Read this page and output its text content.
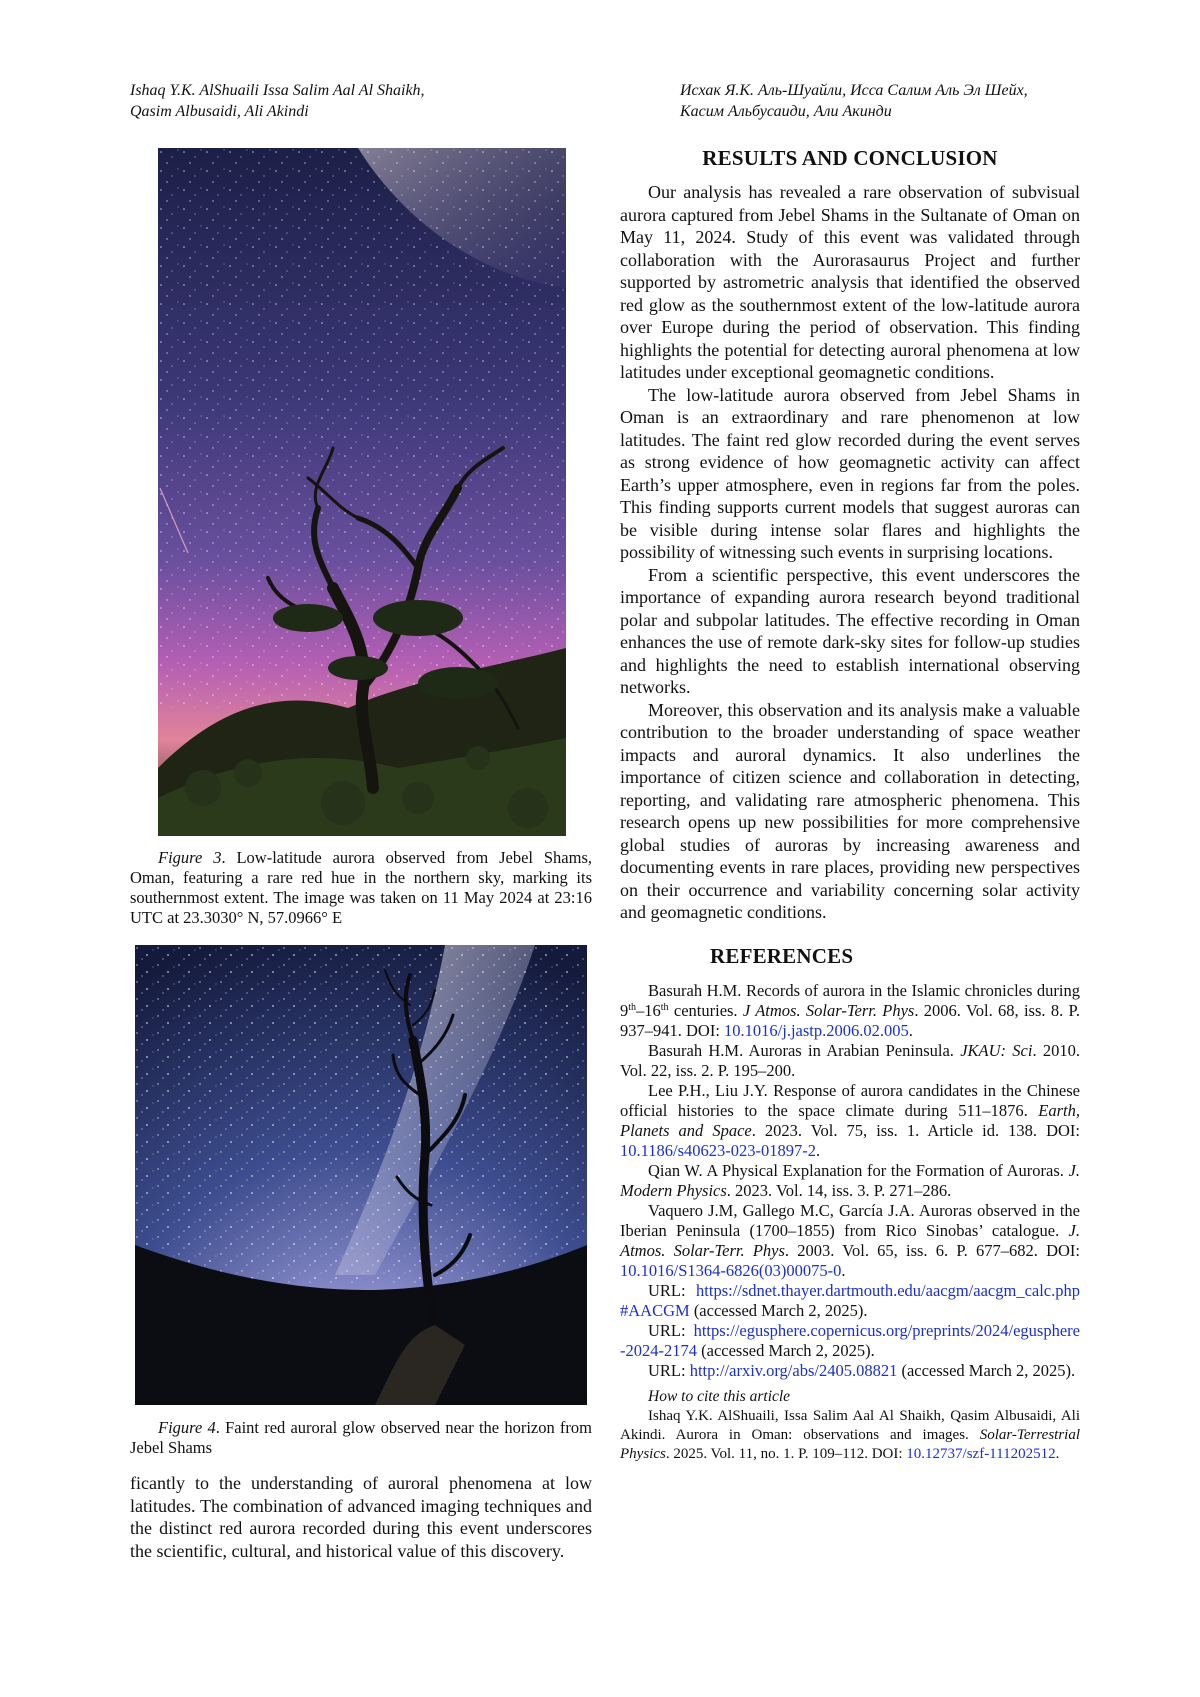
Ishaq Y.K. AlShuaili Issa Salim Aal Al Shaikh,
Qasim Albusaidi, Ali Akindi

Исхак Я.К. Аль-Шуайли, Исса Салим Аль Эл Шейх,
Касим Альбусаиди, Али Акинди

Figure 3. Low-latitude aurora observed from Jebel Shams, Oman, featuring a rare red hue in the northern sky, marking its southernmost extent. The image was taken on 11 May 2024 at 23:16 UTC at 23.3030° N, 57.0966° E

Figure 4. Faint red auroral glow observed near the horizon from Jebel Shams

ficantly to the understanding of auroral phenomena at low latitudes. The combination of advanced imaging techniques and the distinct red aurora recorded during this event underscores the scientific, cultural, and historical value of this discovery.

RESULTS AND CONCLUSION

Our analysis has revealed a rare observation of subvisual aurora captured from Jebel Shams in the Sultanate of Oman on May 11, 2024. Study of this event was validated through collaboration with the Aurorasaurus Project and further supported by astrometric analysis that identified the observed red glow as the southernmost extent of the low-latitude aurora over Europe during the period of observation. This finding highlights the potential for detecting auroral phenomena at low latitudes under exceptional geomagnetic conditions.

The low-latitude aurora observed from Jebel Shams in Oman is an extraordinary and rare phenomenon at low latitudes. The faint red glow recorded during the event serves as strong evidence of how geomagnetic activity can affect Earth’s upper atmosphere, even in regions far from the poles. This finding supports current models that suggest auroras can be visible during intense solar flares and highlights the possibility of witnessing such events in surprising locations.

From a scientific perspective, this event underscores the importance of expanding aurora research beyond traditional polar and subpolar latitudes. The effective recording in Oman enhances the use of remote dark-sky sites for follow-up studies and highlights the need to establish international observing networks.

Moreover, this observation and its analysis make a valuable contribution to the broader understanding of space weather impacts and auroral dynamics. It also underlines the importance of citizen science and collaboration in detecting, reporting, and validating rare atmospheric phenomena. This research opens up new possibilities for more comprehensive global studies of auroras by increasing awareness and documenting events in rare places, providing new perspectives on their occurrence and variability concerning solar activity and geomagnetic conditions.

REFERENCES

Basurah H.M. Records of aurora in the Islamic chronicles during 9th–16th centuries. J Atmos. Solar-Terr. Phys. 2006. Vol. 68, iss. 8. P. 937–941. DOI: 10.1016/j.jastp.2006.02.005.

Basurah H.M. Auroras in Arabian Peninsula. JKAU: Sci. 2010. Vol. 22, iss. 2. P. 195–200.

Lee P.H., Liu J.Y. Response of aurora candidates in the Chinese official histories to the space climate during 511–1876. Earth, Planets and Space. 2023. Vol. 75, iss. 1. Article id. 138. DOI: 10.1186/s40623-023-01897-2.

Qian W. A Physical Explanation for the Formation of Auroras. J. Modern Physics. 2023. Vol. 14, iss. 3. P. 271–286.

Vaquero J.M, Gallego M.C, García J.A. Auroras observed in the Iberian Peninsula (1700–1855) from Rico Sinobas’ catalogue. J. Atmos. Solar-Terr. Phys. 2003. Vol. 65, iss. 6. P. 677–682. DOI: 10.1016/S1364-6826(03)00075-0.

URL: https://sdnet.thayer.dartmouth.edu/aacgm/aacgm_calc.php#AACGM (accessed March 2, 2025).

URL: https://egusphere.copernicus.org/preprints/2024/egusphere-2024-2174 (accessed March 2, 2025).

URL: http://arxiv.org/abs/2405.08821 (accessed March 2, 2025).

How to cite this article

Ishaq Y.K. AlShuaili, Issa Salim Aal Al Shaikh, Qasim Albusaidi, Ali Akindi. Aurora in Oman: observations and images. Solar-Terrestrial Physics. 2025. Vol. 11, no. 1. P. 109–112. DOI: 10.12737/szf-111202512.
